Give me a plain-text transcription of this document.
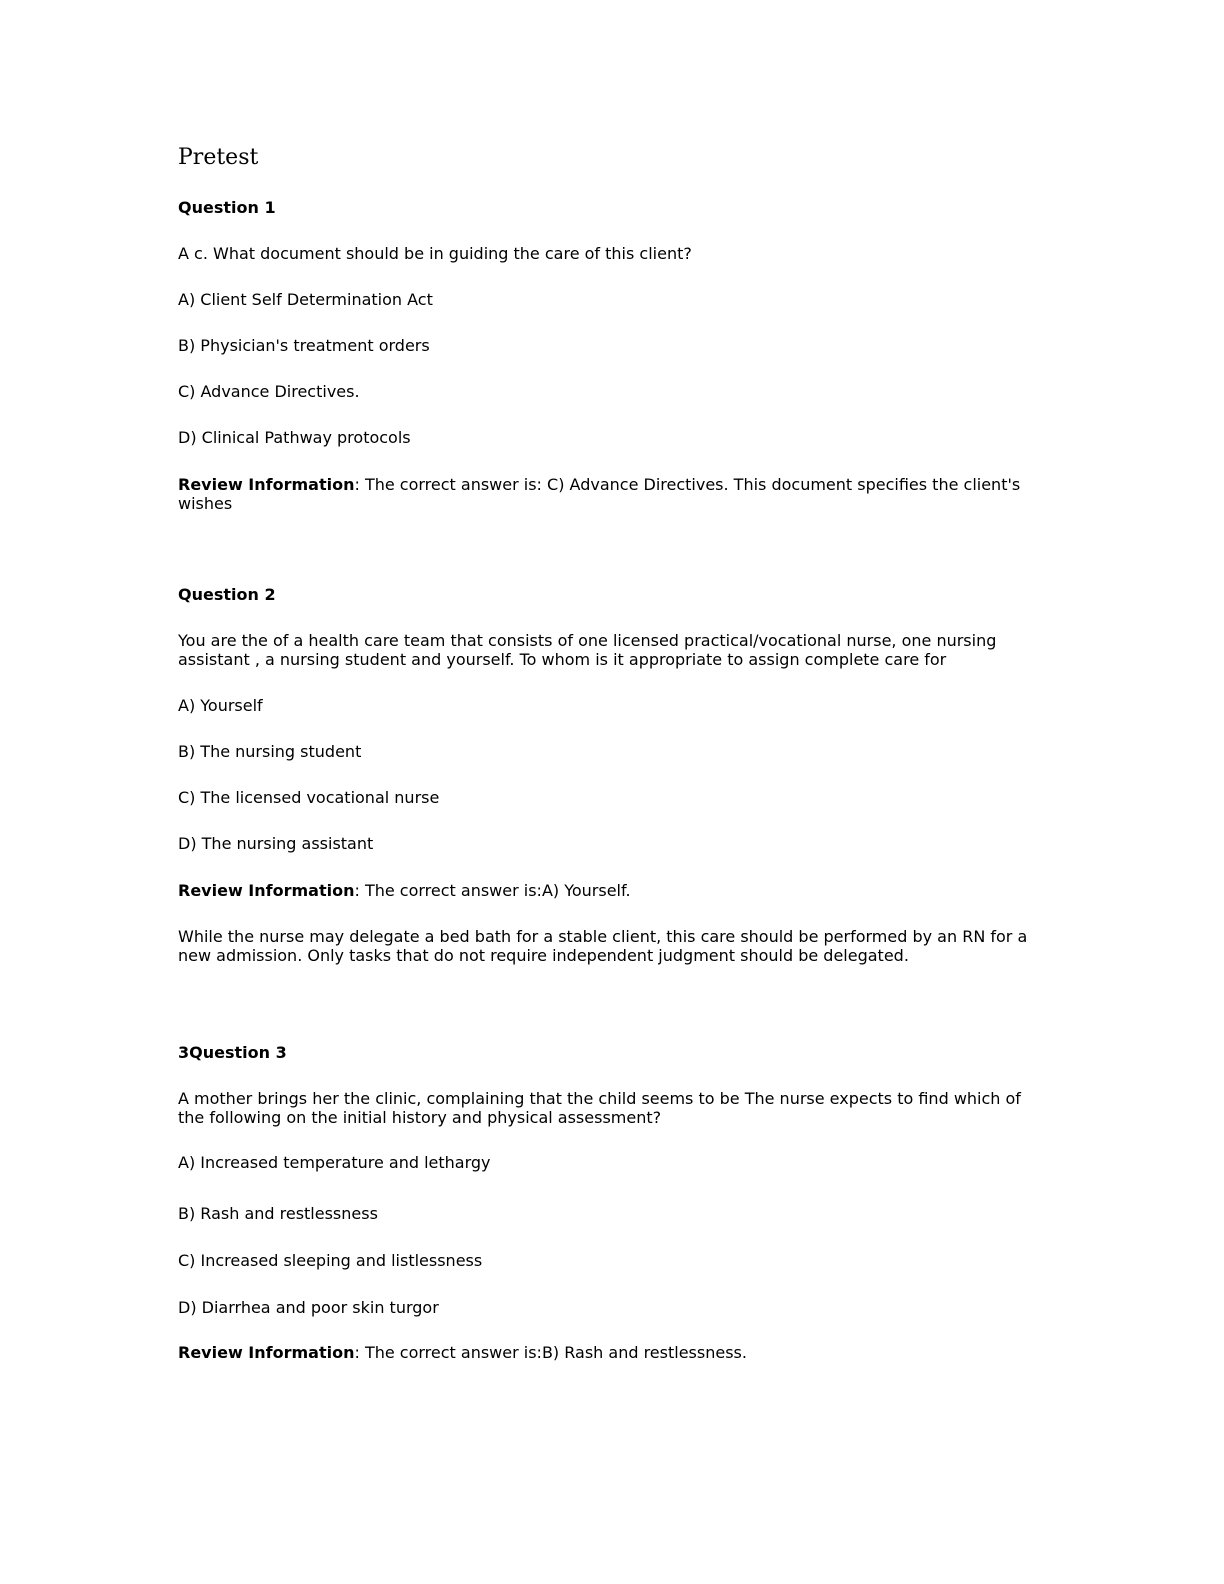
Pretest
Question 1
A c. What document should be in guiding the care of this client?
A) Client Self Determination Act
B) Physician's treatment orders
C) Advance Directives.
D) Clinical Pathway protocols
Review Information: The correct answer is: C) Advance Directives. This document specifies the client's wishes
Question 2
You are the of a health care team that consists of one licensed practical/vocational nurse, one nursing assistant , a nursing student and yourself. To whom is it appropriate to assign complete care for
A) Yourself
B) The nursing student
C) The licensed vocational nurse
D) The nursing assistant
Review Information: The correct answer is:A) Yourself.
While the nurse may delegate a bed bath for a stable client, this care should be performed by an RN for a new admission. Only tasks that do not require independent judgment should be delegated.
3Question 3
A mother brings her the clinic, complaining that the child seems to be The nurse expects to find which of the following on the initial history and physical assessment?
A) Increased temperature and lethargy
B) Rash and restlessness
C) Increased sleeping and listlessness
D) Diarrhea and poor skin turgor
Review Information: The correct answer is:B) Rash and restlessness.
